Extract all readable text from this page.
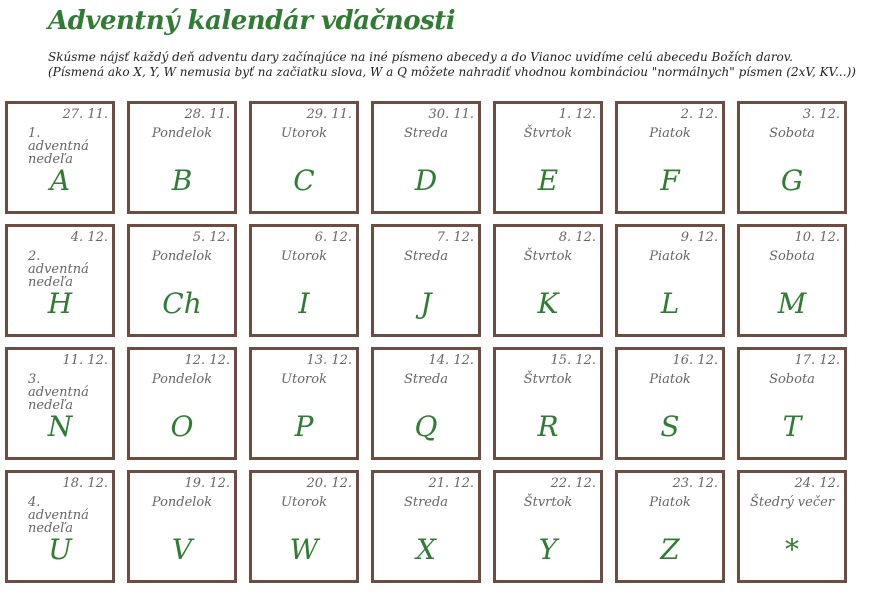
Adventný kalendár vďačnosti
Skúsme nájsť každý deň adventu dary začínajúce na iné písmeno abecedy a do Vianoc uvidíme celú abecedu Božích darov.
(Písmená ako X, Y, W nemusia byť na začiatku slova, W a Q môžete nahradiť vhodnou kombináciou "normálnych" písmen (2xV, KV...))
27. 11.
1. adventná nedeľa
A
28. 11.
Pondelok
B
29. 11.
Utorok
C
30. 11.
Streda
D
1. 12.
Štvrtok
E
2. 12.
Piatok
F
3. 12.
Sobota
G
4. 12.
2. adventná nedeľa
H
5. 12.
Pondelok
Ch
6. 12.
Utorok
I
7. 12.
Streda
J
8. 12.
Štvrtok
K
9. 12.
Piatok
L
10. 12.
Sobota
M
11. 12.
3. adventná nedeľa
N
12. 12.
Pondelok
O
13. 12.
Utorok
P
14. 12.
Streda
Q
15. 12.
Štvrtok
R
16. 12.
Piatok
S
17. 12.
Sobota
T
18. 12.
4. adventná nedeľa
U
19. 12.
Pondelok
V
20. 12.
Utorok
W
21. 12.
Streda
X
22. 12.
Štvrtok
Y
23. 12.
Piatok
Z
24. 12.
Štedrý večer
*
